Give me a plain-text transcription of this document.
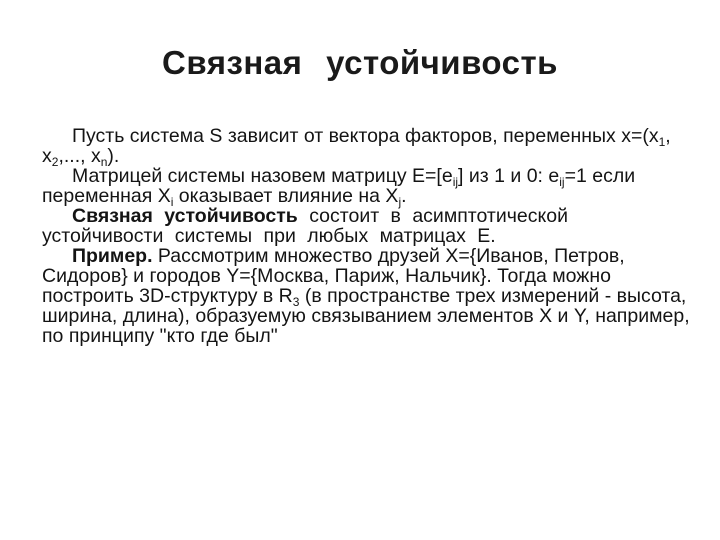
Связная устойчивость

Пусть система S зависит от вектора факторов, переменных $x=(x_1$, $x_2$,..., $x_n$).

Матрицей системы назовем матрицу $E=[e_{ij}]$ из 1 и 0: $e_{ij}=1$ если переменная $X_i$ оказывает влияние на $X_j$.

Связная устойчивость состоит в асимптотической устойчивости системы при любых матрицах E.

Пример. Рассмотрим множество друзей X={Иванов, Петров, Сидоров} и городов Y={Москва, Париж, Нальчик}. Тогда можно построить 3D-структуру в $R_3$ (в пространстве трех измерений - высота, ширина, длина), образуемую связыванием элементов X и Y, например, по принципу "кто где был"
